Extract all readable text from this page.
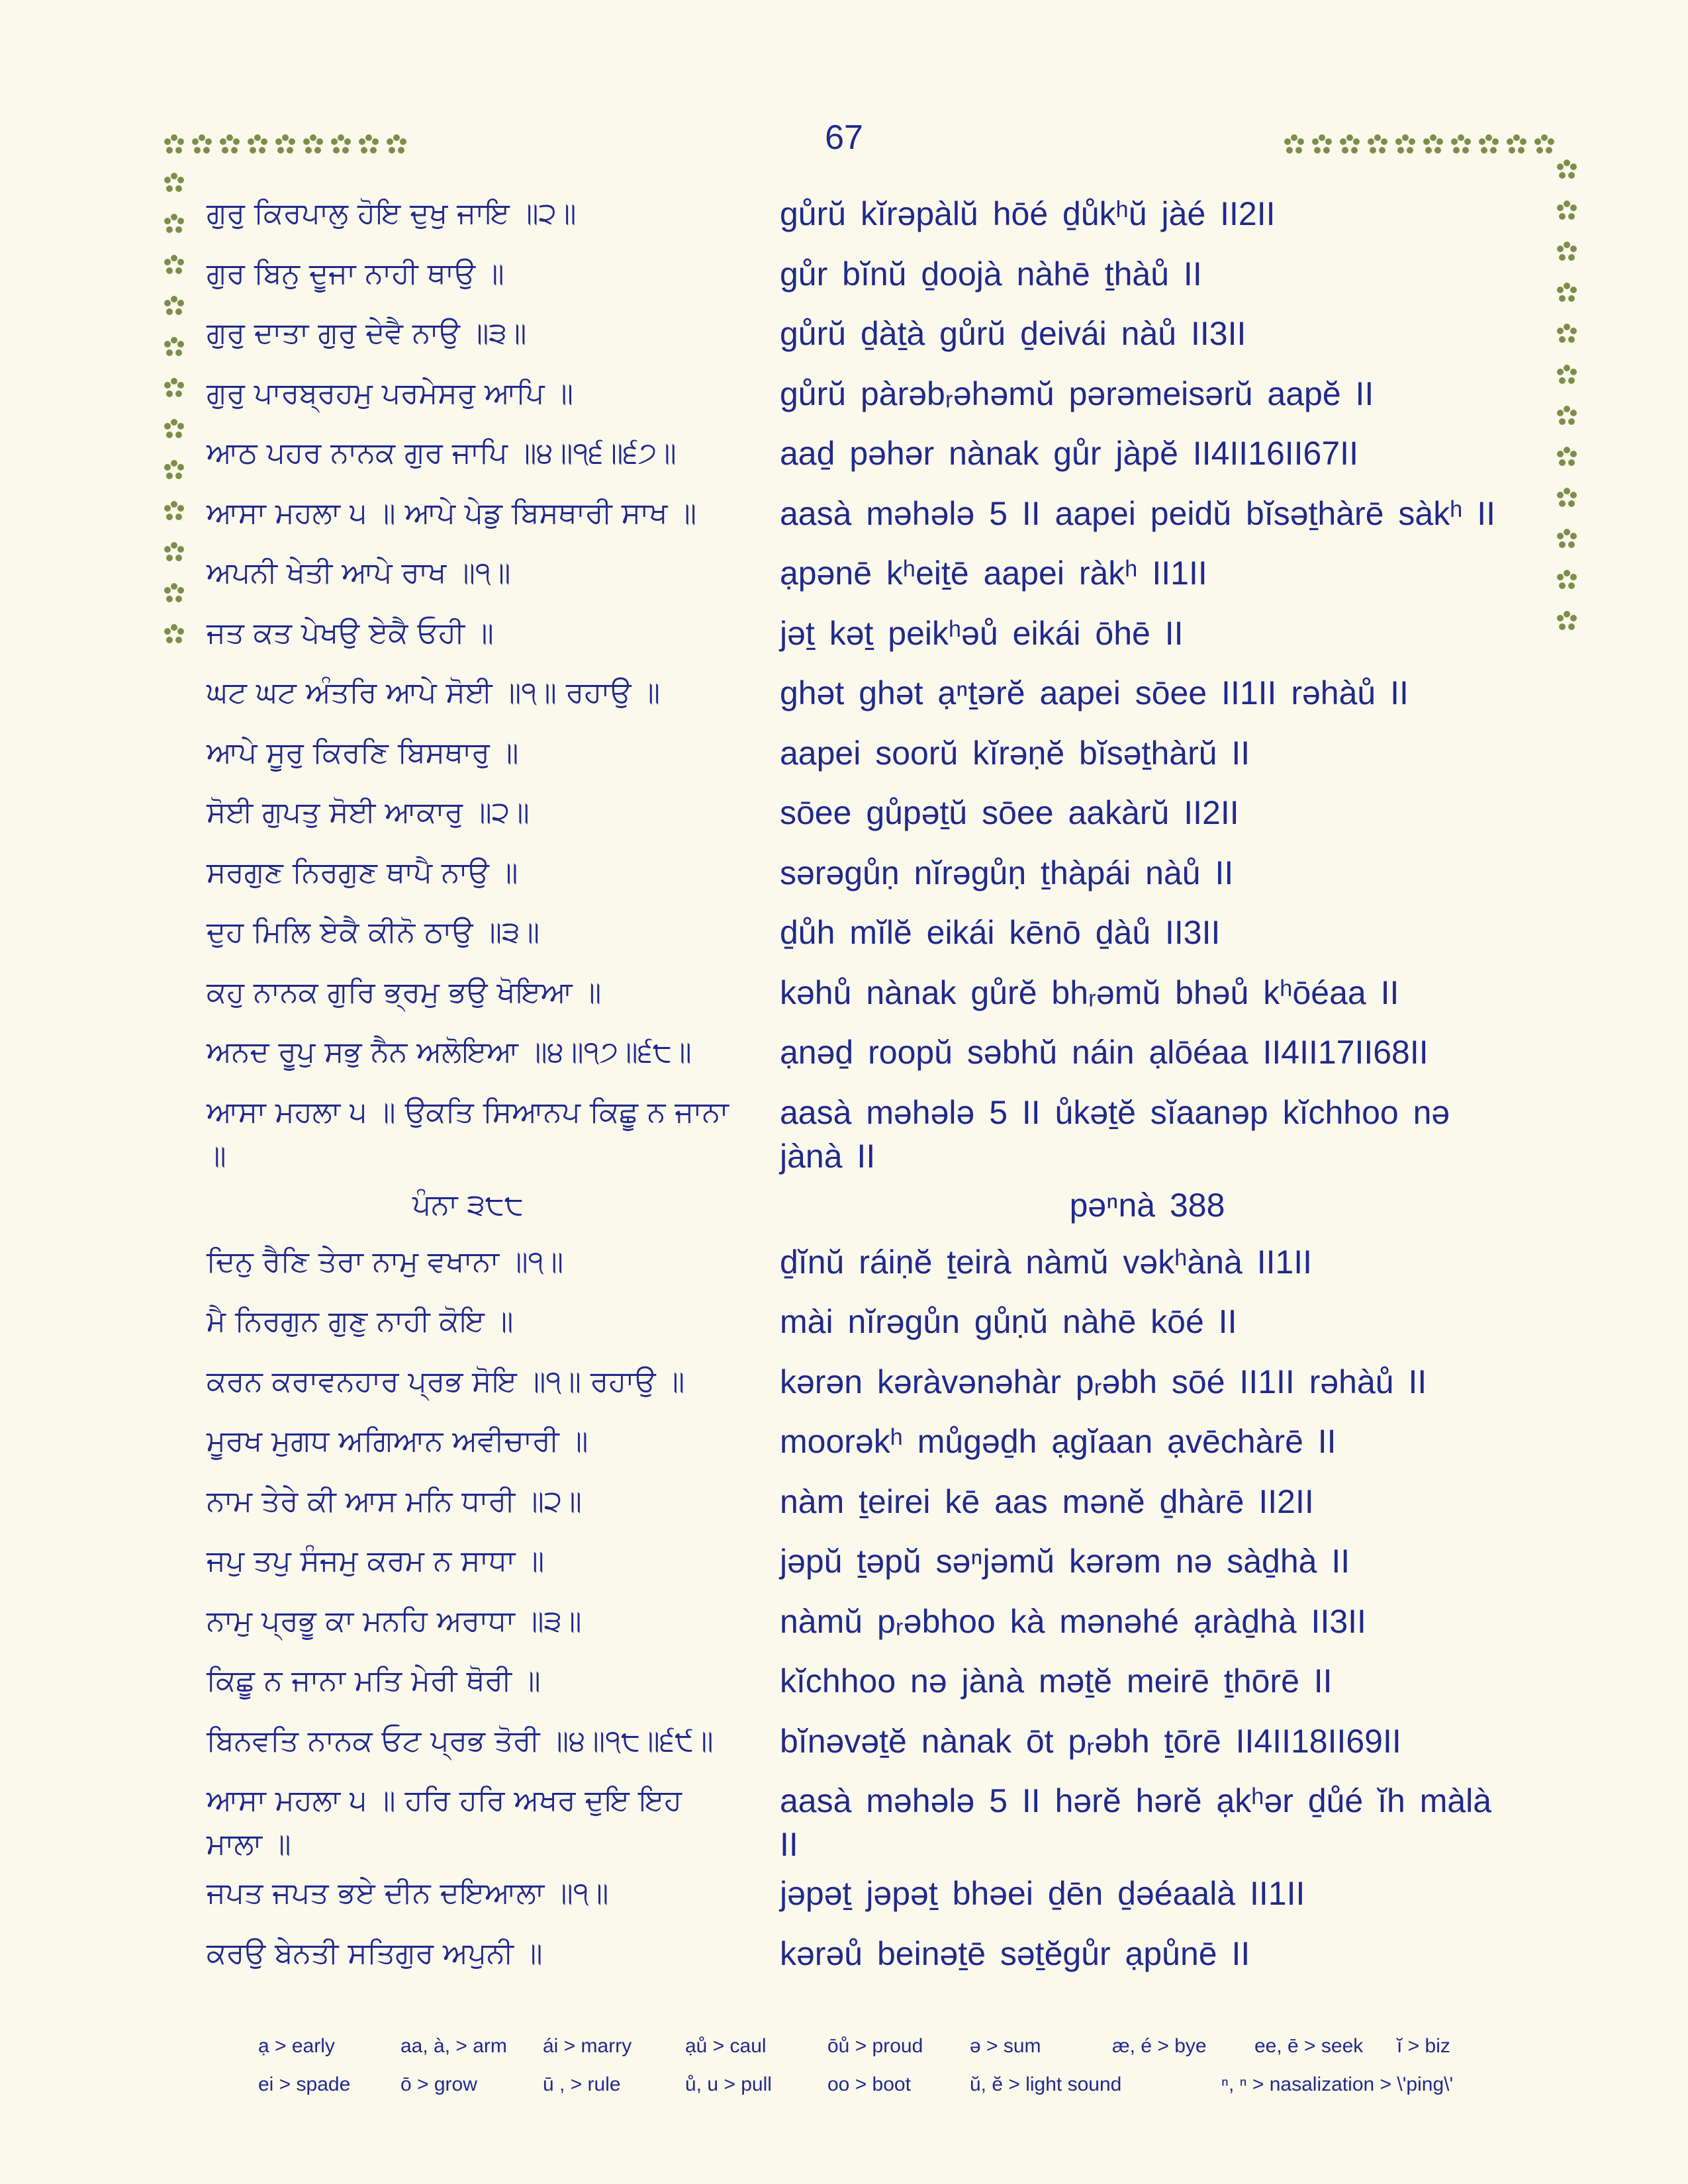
67
ਗੁਰੁ ਕਿਰਪਾਲੁ ਹੋਇ ਦੁਖੁ ਜਾਇ ॥੨॥	gůrŭ kĭrəpàlŭ hōé ḏůkʰŭ jàé II2II
ਗੁਰ ਬਿਨੁ ਦੂਜਾ ਨਾਹੀ ਥਾਉ ॥	gůr bĭnŭ ḏoojà nàhē ṯhàů II
ਗੁਰੁ ਦਾਤਾ ਗੁਰੁ ਦੇਵੈ ਨਾਉ ॥੩॥	gůrŭ ḏàṯà gůrŭ ḏeivái nàů II3II
ਗੁਰੁ ਪਾਰਬ੍ਰਹਮੁ ਪਰਮੇਸਰੁ ਆਪਿ ॥	gůrŭ pàrəbᵣəhəmŭ pərəmeisərŭ aapĕ II
ਆਠ ਪਹਰ ਨਾਨਕ ਗੁਰ ਜਾਪਿ ॥੪॥੧੬॥੬੭॥	aaḏ pəhər nànak gůr jàpĕ II4II16II67II
ਆਸਾ ਮਹਲਾ ੫ ॥ ਆਪੇ ਪੇਡੁ ਬਿਸਥਾਰੀ ਸਾਖ ॥	aasà məhələ 5 II aapei peidŭ bĭsəṯhàrē sàkʰ II
ਅਪਨੀ ਖੇਤੀ ਆਪੇ ਰਾਖ ॥੧॥	ạpənē kʰeiṯē aapei ràkʰ II1II
ਜਤ ਕਤ ਪੇਖਉ ਏਕੈ ਓਹੀ ॥	jəṯ kəṯ peikʰəů eikái ōhē II
ਘਟ ਘਟ ਅੰਤਰਿ ਆਪੇ ਸੋਈ ॥੧॥ ਰਹਾਉ ॥	ghət ghət ạⁿṯərĕ aapei sōee II1II rəhàů II
ਆਪੇ ਸੂਰੁ ਕਿਰਣਿ ਬਿਸਥਾਰੁ ॥	aapei soorŭ kĭrəṇĕ bĭsəṯhàrŭ II
ਸੋਈ ਗੁਪਤੁ ਸੋਈ ਆਕਾਰੁ ॥੨॥	sōee gůpəṯŭ sōee aakàrŭ II2II
ਸਰਗੁਣ ਨਿਰਗੁਣ ਥਾਪੈ ਨਾਉ ॥	sərəgůṇ nĭrəgůṇ ṯhàpái nàů II
ਦੁਹ ਮਿਲਿ ਏਕੈ ਕੀਨੋ ਠਾਉ ॥੩॥	ḏůh mĭlĕ eikái kēnō ḏàů II3II
ਕਹੁ ਨਾਨਕ ਗੁਰਿ ਭ੍ਰਮੁ ਭਉ ਖੋਇਆ ॥	kəhů nànak gůrĕ bhᵣəmŭ bhəů kʰōéaa II
ਅਨਦ ਰੂਪੁ ਸਭੁ ਨੈਨ ਅਲੋਇਆ ॥੪॥੧੭॥੬੮॥	ạnəḏ roopŭ səbhŭ náin ạlōéaa II4II17II68II
ਆਸਾ ਮਹਲਾ ੫ ॥ ਉਕਤਿ ਸਿਆਨਪ ਕਿਛੂ ਨ ਜਾਨਾ ॥
aasà məhələ 5 II ůkəṯĕ sĭaanəp kĭchhoo nə jànà II
ਪੰਨਾ ੩੮੮	pəⁿnà 388
ਦਿਨੁ ਰੈਣਿ ਤੇਰਾ ਨਾਮੁ ਵਖਾਨਾ ॥੧॥	ḏĭnŭ ráiṇĕ ṯeirà nàmŭ vəkʰànà II1II
ਮੈ ਨਿਰਗੁਨ ਗੁਣੁ ਨਾਹੀ ਕੋਇ ॥	mài nĭrəgůn gůṇŭ nàhē kōé II
ਕਰਨ ਕਰਾਵਨਹਾਰ ਪ੍ਰਭ ਸੋਇ ॥੧॥ ਰਹਾਉ ॥	kərən kəràvənəhàr pᵣəbh sōé II1II rəhàů II
ਮੂਰਖ ਮੁਗਧ ਅਗਿਆਨ ਅਵੀਚਾਰੀ ॥	moorəkʰ můgəḏh ạgĭaan ạvēchàrē II
ਨਾਮ ਤੇਰੇ ਕੀ ਆਸ ਮਨਿ ਧਾਰੀ ॥੨॥	nàm ṯeirei kē aas mənĕ ḏhàrē II2II
ਜਪੁ ਤਪੁ ਸੰਜਮੁ ਕਰਮ ਨ ਸਾਧਾ ॥	jəpŭ ṯəpŭ səⁿjəmŭ kərəm nə sàḏhà II
ਨਾਮੁ ਪ੍ਰਭੂ ਕਾ ਮਨਹਿ ਅਰਾਧਾ ॥੩॥	nàmŭ pᵣəbhoo kà mənəhé ạràḏhà II3II
ਕਿਛੂ ਨ ਜਾਨਾ ਮਤਿ ਮੇਰੀ ਥੋਰੀ ॥	kĭchhoo nə jànà məṯĕ meirē ṯhōrē II
ਬਿਨਵਤਿ ਨਾਨਕ ਓਟ ਪ੍ਰਭ ਤੋਰੀ ॥੪॥੧੮॥੬੯॥	bĭnəvəṯĕ nànak ōt pᵣəbh ṯōrē II4II18II69II
ਆਸਾ ਮਹਲਾ ੫ ॥ ਹਰਿ ਹਰਿ ਅਖਰ ਦੁਇ ਇਹ ਮਾਲਾ ॥
aasà məhələ 5 II hərĕ hərĕ ạkʰər ḏůé ĭh màlà II
ਜਪਤ ਜਪਤ ਭਏ ਦੀਨ ਦਇਆਲਾ ॥੧॥	jəpəṯ jəpəṯ bhəei ḏēn ḏəéaalà II1II
ਕਰਉ ਬੇਨਤੀ ਸਤਿਗੁਰ ਅਪੁਨੀ ॥	kərəů beinəṯē səṯĕgůr ạpůnē II
ạ > early	aa, à, > arm	ái > marry	ạů > caul	ōů > proud	ə > sum	æ, é > bye	ee, ē > seek	ĭ > biz
ei > spade	ō > grow	ū , > rule	ů, u > pull	oo > boot	ŭ, ĕ > light sound	ⁿ, ⁿ > nasalization > \'ping\'
